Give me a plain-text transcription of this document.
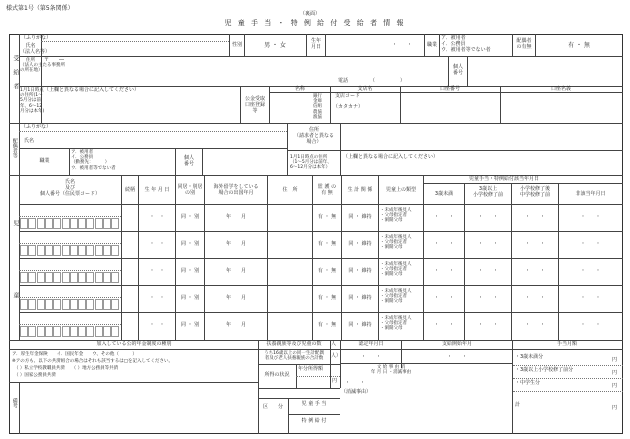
様式第1号（第5条関係）
（裏面）
児 童 手 当 ・ 特 例 給 付 受 給 者 情 報
受給者
（ふりがな）
氏名
（法人名等）
性別	男 ・ 女
生年
月日	・　　・	職業
ア．被用者
イ．公務員
ウ．被用者等でない者
配偶者
の有無	有 ・ 無
住所
（法人の主たる事務所
の所在地）
〒　　―
個人
番号
電話	（　　　　　）
1月1日時点
の住所(1～
5月分は前
年、6～12
月分は本年)
（上欄と異なる場合に記入してください）
公金受取
口座登録
等
名称	支店名	口座番号	口座名義
銀行
金庫
信組
農協
漁協
支店コード
（カタカナ）
配偶者等
（ふりがな）
氏名
住所
（請求者と異なる
場合）
職業
ア．被用者
イ．公務員
（勤務先：　　　）
ウ．被用者等でない者
個人
番号
1月1日時点の住所
（1～5月分は前年、
6～12月分は本年）
（上欄と異なる場合に記入してください）
児　童
氏名
及び
個人番号（住民票コード）
続柄	生 年 月 日	同居・別居
の別
海外留学をしている
場合の出国年月	住　所	監 護 の
有 無	生 計 関 係	児童上の類型
児童手当・特例給付該当年月日
3歳未満
3歳以上
小学校修了前
小学校修了後
中学校修了前	非該当年月日
・　・	同 ・ 別	年　　月	有 ・ 無	同 ・ 維持
・未成年後見人
・父母指定者
・洞開父母
・　　・	・　　・	・　　・	・　　・
・　・	同 ・ 別	年　　月	有 ・ 無	同 ・ 維持
・未成年後見人
・父母指定者
・洞開父母
・　　・	・　　・	・　　・	・　　・
・　・	同 ・ 別	年　　月	有 ・ 無	同 ・ 維持
・未成年後見人
・父母指定者
・洞開父母
・　　・	・　　・	・　　・	・　　・
・　・	同 ・ 別	年　　月	有 ・ 無	同 ・ 維持
・未成年後見人
・父母指定者
・洞開父母
・　　・	・　　・	・　　・	・　　・
・　・	同 ・ 別	年　　月	有 ・ 無	同 ・ 維持
・未成年後見人
・父母指定者
・洞開父母
・　　・	・　　・	・　　・	・　　・
加入している公的年金制度の種別
ア．厚生年金保険　　イ．国民年金　　ウ、その他（　　　）
※アの方も、以下の共済組合の場合はそれも該当するは□を記入してください。
（ ）私立学校教職員共済　　（ ）地方公務員等共済
（ ）国家公務員共済
備考
扶養親族等及び児童の数	人
うち16歳以上の同一生計配偶
者及び老人扶養親族の合計数	人）
所得の状況
年分所得額
円
認定年月日	支給開始年月
・　　・	・　　・
文 給 事 由 消
年 月 日 ・消滅事由
・　　・
（消滅事由）
区　　分	児 童 手 当
特 例 給 付
手当月額
・3歳未満分	円
・3歳以上小学校修了前分	円
・中学生分	円
計	円
